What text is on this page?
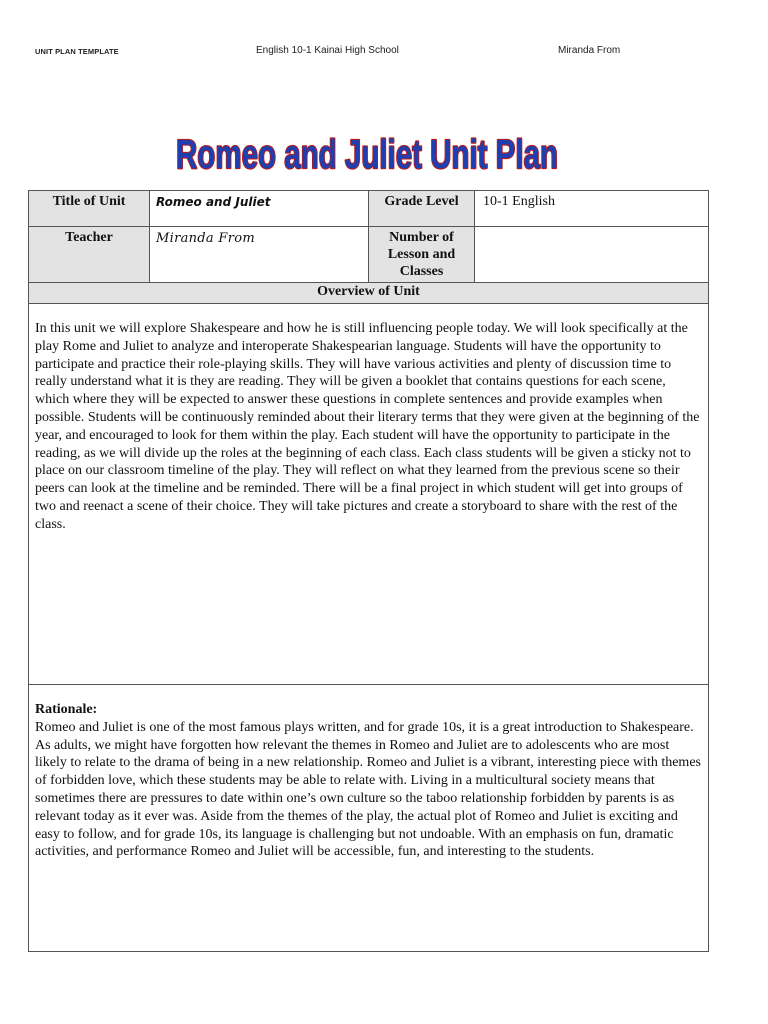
UNIT PLAN TEMPLATE	English 10-1 Kainai High School	Miranda From
Romeo and Juliet Unit Plan
Title of Unit	Romeo and Juliet	Grade Level	10-1 English
Teacher	Miranda From	Number of Lesson and Classes	
Overview of Unit			
In this unit we will explore Shakespeare and how he is still influencing people today. We will look specifically at the play Rome and Juliet to analyze and interoperate Shakespearian language. Students will have the opportunity to participate and practice their role-playing skills. They will have various activities and plenty of discussion time to really understand what it is they are reading. They will be given a booklet that contains questions for each scene, which where they will be expected to answer these questions in complete sentences and provide examples when possible. Students will be continuously reminded about their literary terms that they were given at the beginning of the year, and encouraged to look for them within the play. Each student will have the opportunity to participate in the reading, as we will divide up the roles at the beginning of each class. Each class students will be given a sticky not to place on our classroom timeline of the play. They will reflect on what they learned from the previous scene so their peers can look at the timeline and be reminded. There will be a final project in which student will get into groups of two and reenact a scene of their choice. They will take pictures and create a storyboard to share with the rest of the class.			

Rationale:
Romeo and Juliet is one of the most famous plays written, and for grade 10s, it is a great introduction to Shakespeare. As adults, we might have forgotten how relevant the themes in Romeo and Juliet are to adolescents who are most likely to relate to the drama of being in a new relationship. Romeo and Juliet is a vibrant, interesting piece with themes of forbidden love, which these students may be able to relate with. Living in a multicultural society means that sometimes there are pressures to date within one’s own culture so the taboo relationship forbidden by parents is as relevant today as it ever was. Aside from the themes of the play, the actual plot of Romeo and Juliet is exciting and easy to follow, and for grade 10s, its language is challenging but not undoable. With an emphasis on fun, dramatic activities, and performance Romeo and Juliet will be accessible, fun, and interesting to the students.			
